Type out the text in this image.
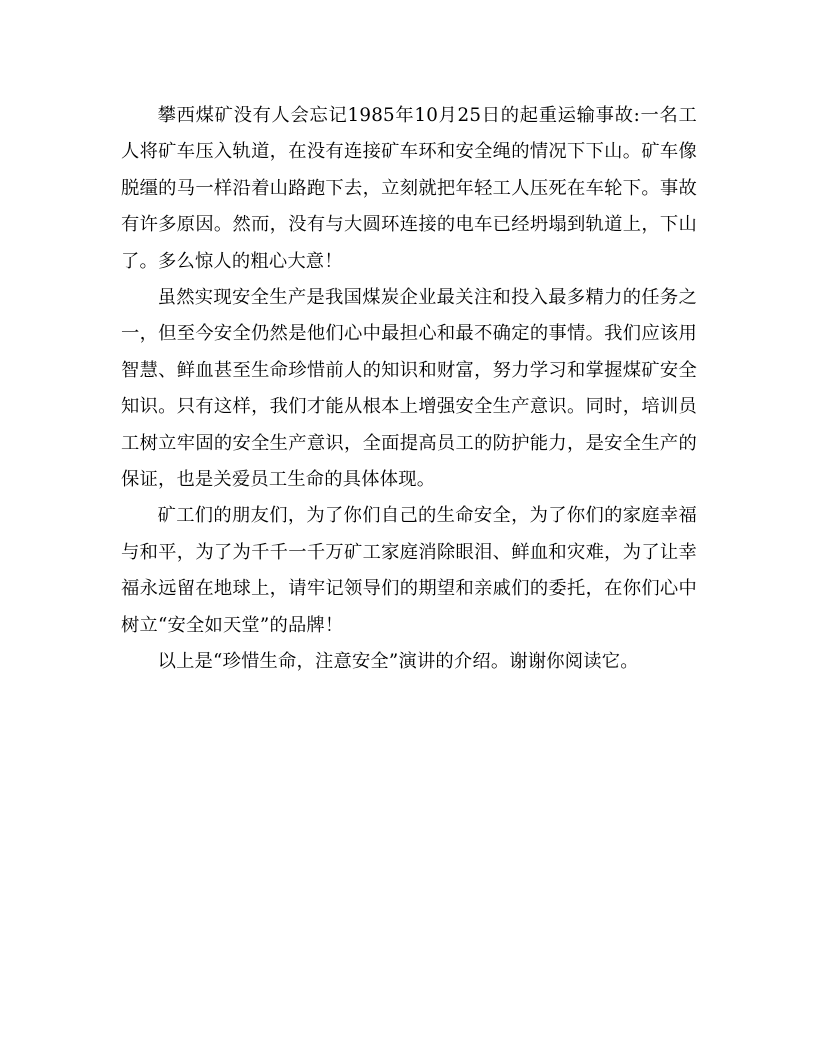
攀西煤矿没有人会忘记1985年10月25日的起重运输事故:一名工人将矿车压入轨道，在没有连接矿车环和安全绳的情况下下山。矿车像脱缰的马一样沿着山路跑下去，立刻就把年轻工人压死在车轮下。事故有许多原因。然而，没有与大圆环连接的电车已经坍塌到轨道上，下山了。多么惊人的粗心大意！

虽然实现安全生产是我国煤炭企业最关注和投入最多精力的任务之一，但至今安全仍然是他们心中最担心和最不确定的事情。我们应该用智慧、鲜血甚至生命珍惜前人的知识和财富，努力学习和掌握煤矿安全知识。只有这样，我们才能从根本上增强安全生产意识。同时，培训员工树立牢固的安全生产意识，全面提高员工的防护能力，是安全生产的保证，也是关爱员工生命的具体体现。

矿工们的朋友们，为了你们自己的生命安全，为了你们的家庭幸福与和平，为了为千千一千万矿工家庭消除眼泪、鲜血和灾难，为了让幸福永远留在地球上，请牢记领导们的期望和亲戚们的委托，在你们心中树立“安全如天堂”的品牌！

以上是“珍惜生命，注意安全”演讲的介绍。谢谢你阅读它。
